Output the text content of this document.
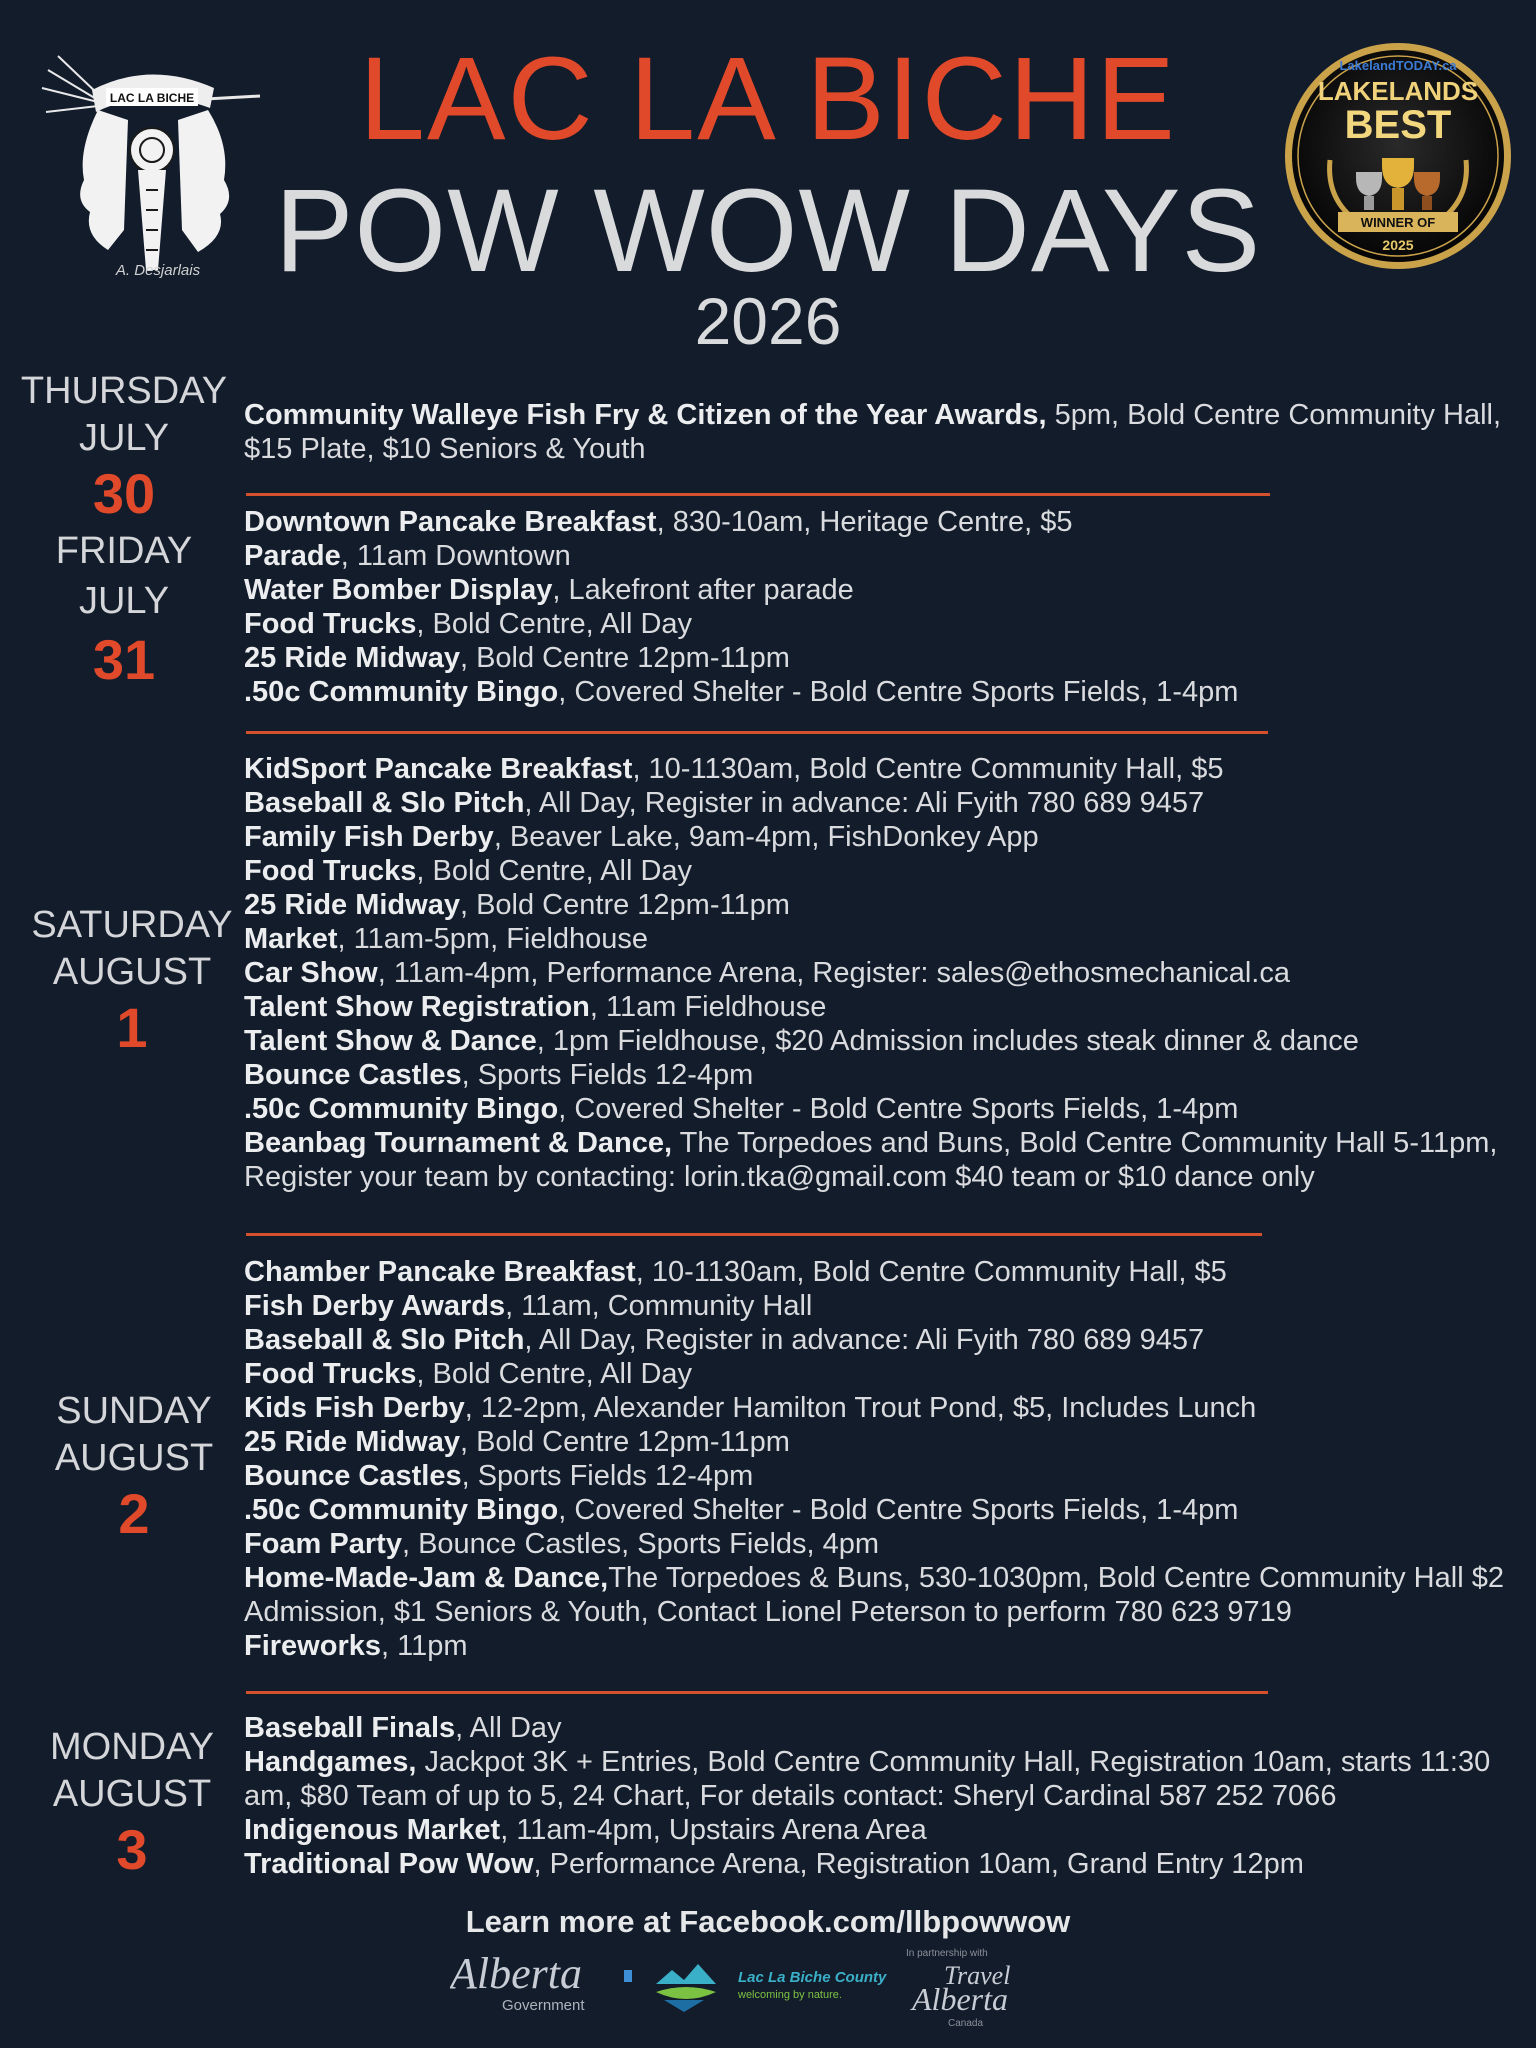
LAC LA BICHE
A. Desjarlais
LAC LA BICHE
POW WOW DAYS
2026
LakelandTODAY.ca
LAKELANDS
BEST
WINNER OF
2025
THURSDAY
JULY
30
FRIDAY
JULY
31
SATURDAY
AUGUST
1
SUNDAY
AUGUST
2
MONDAY
AUGUST
3
Community Walleye Fish Fry & Citizen of the Year Awards, 5pm, Bold Centre Community Hall, $15 Plate, $10 Seniors & Youth
Downtown Pancake Breakfast, 830-10am, Heritage Centre, $5
Parade, 11am Downtown
Water Bomber Display, Lakefront after parade
Food Trucks, Bold Centre, All Day
25 Ride Midway, Bold Centre 12pm-11pm
.50c Community Bingo, Covered Shelter - Bold Centre Sports Fields, 1-4pm
KidSport Pancake Breakfast, 10-1130am, Bold Centre Community Hall, $5
Baseball & Slo Pitch, All Day, Register in advance: Ali Fyith 780 689 9457
Family Fish Derby, Beaver Lake, 9am-4pm, FishDonkey App
Food Trucks, Bold Centre, All Day
25 Ride Midway, Bold Centre 12pm-11pm
Market, 11am-5pm, Fieldhouse
Car Show, 11am-4pm, Performance Arena, Register: sales@ethosmechanical.ca
Talent Show Registration, 11am Fieldhouse
Talent Show & Dance, 1pm Fieldhouse, $20 Admission includes steak dinner & dance
Bounce Castles, Sports Fields 12-4pm
.50c Community Bingo, Covered Shelter - Bold Centre Sports Fields, 1-4pm
Beanbag Tournament & Dance, The Torpedoes and Buns, Bold Centre Community Hall 5-11pm, Register your team by contacting: lorin.tka@gmail.com $40 team or $10 dance only
Chamber Pancake Breakfast, 10-1130am, Bold Centre Community Hall, $5
Fish Derby Awards, 11am, Community Hall
Baseball & Slo Pitch, All Day, Register in advance: Ali Fyith 780 689 9457
Food Trucks, Bold Centre, All Day
Kids Fish Derby, 12-2pm, Alexander Hamilton Trout Pond, $5, Includes Lunch
25 Ride Midway, Bold Centre 12pm-11pm
Bounce Castles, Sports Fields 12-4pm
.50c Community Bingo, Covered Shelter - Bold Centre Sports Fields, 1-4pm
Foam Party, Bounce Castles, Sports Fields, 4pm
Home-Made-Jam & Dance,The Torpedoes & Buns, 530-1030pm, Bold Centre Community Hall $2 Admission, $1 Seniors & Youth, Contact Lionel Peterson to perform 780 623 9719
Fireworks, 11pm
Baseball Finals, All Day
Handgames, Jackpot 3K + Entries, Bold Centre Community Hall, Registration 10am, starts 11:30 am, $80 Team of up to 5, 24 Chart, For details contact: Sheryl Cardinal 587 252 7066
Indigenous Market, 11am-4pm, Upstairs Arena Area
Traditional Pow Wow, Performance Arena, Registration 10am, Grand Entry 12pm
Learn more at Facebook.com/llbpowwow
Alberta
Government
Lac La Biche County
welcoming by nature.
In partnership with
Travel
Alberta
Canada
